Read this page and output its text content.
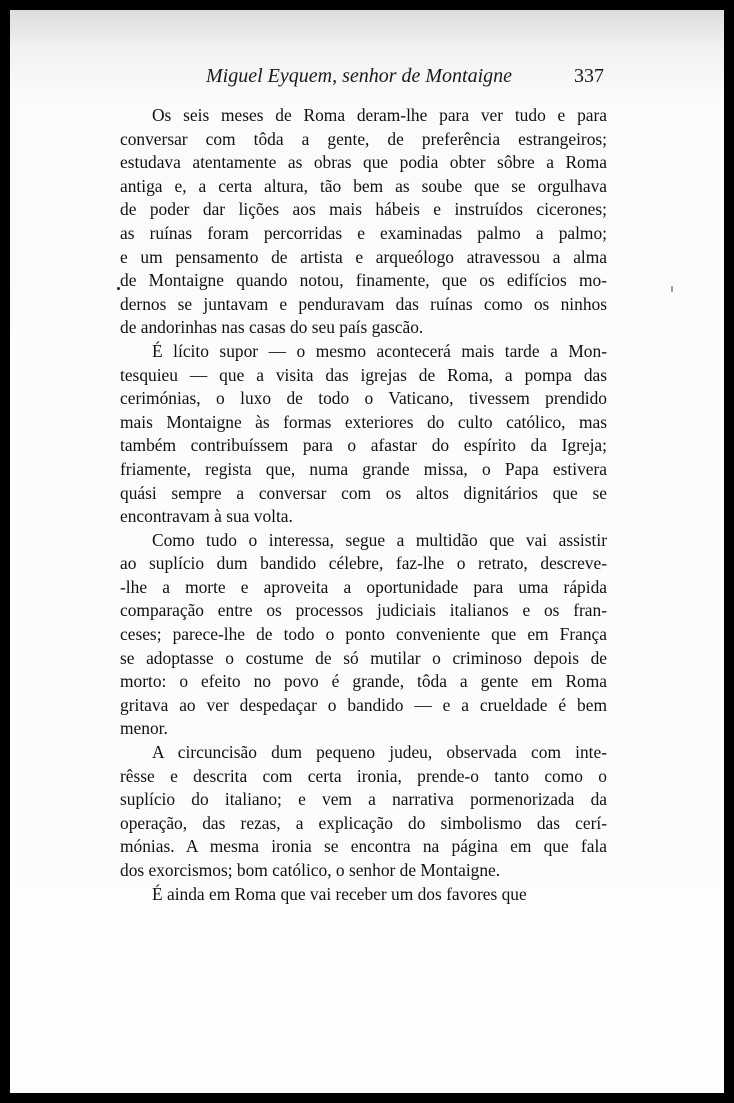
Miguel Eyquem, senhor de Montaigne	337
Os seis meses de Roma deram-lhe para ver tudo e para
conversar com tôda a gente, de preferência estrangeiros;
estudava atentamente as obras que podia obter sôbre a Roma
antiga e, a certa altura, tão bem as soube que se orgulhava
de poder dar lições aos mais hábeis e instruídos cicerones;
as ruínas foram percorridas e examinadas palmo a palmo;
e um pensamento de artista e arqueólogo atravessou a alma
de Montaigne quando notou, finamente, que os edifícios mo-
dernos se juntavam e penduravam das ruínas como os ninhos
de andorinhas nas casas do seu país gascão.
É lícito supor — o mesmo acontecerá mais tarde a Mon-
tesquieu — que a visita das igrejas de Roma, a pompa das
cerimónias, o luxo de todo o Vaticano, tivessem prendido
mais Montaigne às formas exteriores do culto católico, mas
também contribuíssem para o afastar do espírito da Igreja;
friamente, regista que, numa grande missa, o Papa estivera
quási sempre a conversar com os altos dignitários que se
encontravam à sua volta.
Como tudo o interessa, segue a multidão que vai assistir
ao suplício dum bandido célebre, faz-lhe o retrato, descreve-
-lhe a morte e aproveita a oportunidade para uma rápida
comparação entre os processos judiciais italianos e os fran-
ceses; parece-lhe de todo o ponto conveniente que em França
se adoptasse o costume de só mutilar o criminoso depois de
morto: o efeito no povo é grande, tôda a gente em Roma
gritava ao ver despedaçar o bandido — e a crueldade é bem
menor.
A circuncisão dum pequeno judeu, observada com inte-
rêsse e descrita com certa ironia, prende-o tanto como o
suplício do italiano; e vem a narrativa pormenorizada da
operação, das rezas, a explicação do simbolismo das cerí-
mónias. A mesma ironia se encontra na página em que fala
dos exorcismos; bom católico, o senhor de Montaigne.
É ainda em Roma que vai receber um dos favores que
